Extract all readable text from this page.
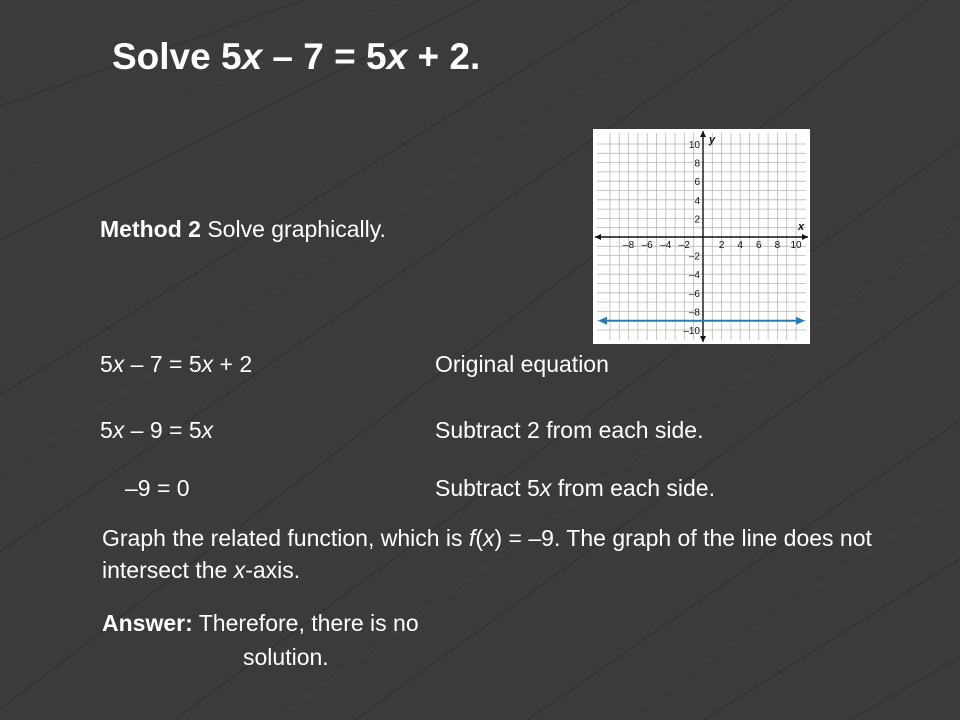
Solve 5x – 7 = 5x + 2.
Method 2 Solve graphically.	x
y
–8 –6 –4 –2	2 4 6 8 10
10
8
6
4
2
–2
–4
–6
–8
–10
5x – 7 = 5x + 2	Original equation
5x – 9 = 5x	Subtract 2 from each side.
–9 = 0	Subtract 5x from each side.
Graph the related function, which is f(x) = –9. The graph of the line does not intersect the x-axis.
Answer: Therefore, there is no
solution.
